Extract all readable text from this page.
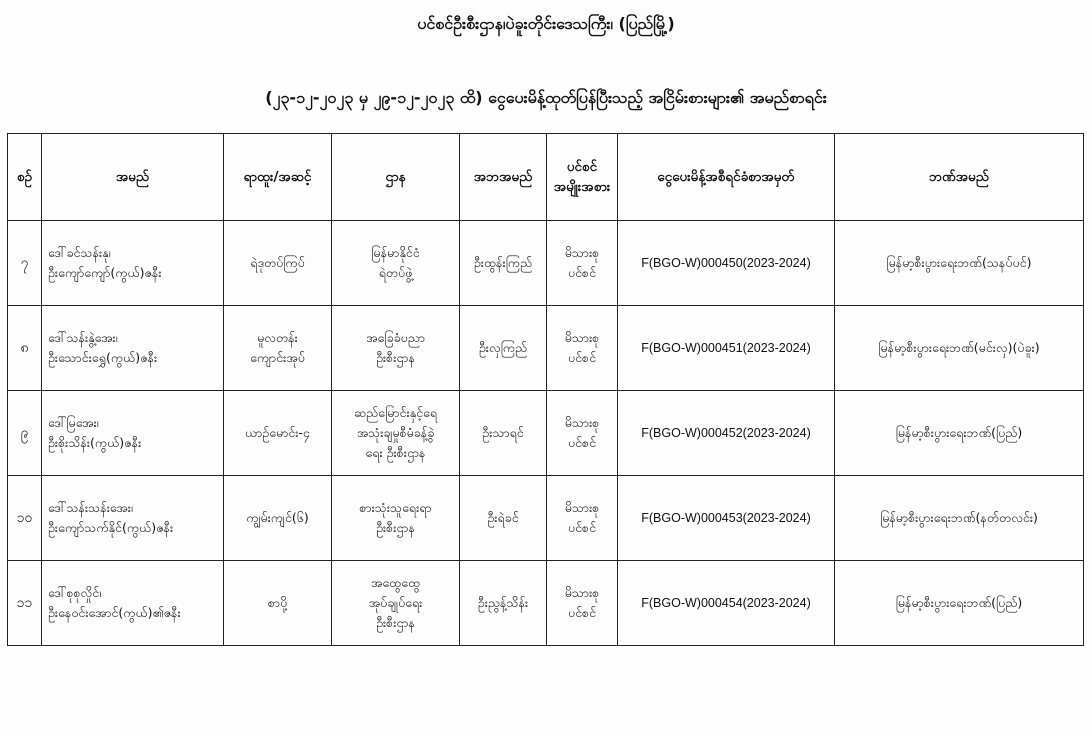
ပင်စင်ဦးစီးဌာန၊ပဲခူးတိုင်းဒေသကြီး၊ (ပြည်မြို့)
(၂၃-၁၂-၂၀၂၃ မှ ၂၉-၁၂-၂၀၂၃ ထိ) ငွေပေးမိန့်ထုတ်ပြန်ပြီးသည့် အငြိမ်းစားများ၏ အမည်စာရင်း
စဉ်	အမည်	ရာထူး/အဆင့်	ဌာန	အဘအမည်	ပင်စင်
အမျိုးအစား	ငွေပေးမိန့်အစီရင်ခံစာအမှတ်	ဘဏ်အမည်

၇	ဒေါ်ခင်သန်းနု၊
ဦးကျော်ကျော်(ကွယ်)ဇနီး	ရဲဒုတပ်ကြပ်	မြန်မာနိုင်ငံ
ရဲတပ်ဖွဲ့	ဦးထွန်းကြည်	မိသားစု
ပင်စင်	F(BGO-W)000450(2023-2024)	မြန်မာ့စီးပွားရေးဘဏ်(သနပ်ပင်)
၈	ဒေါ်သန်းနွဲ့အေး၊
ဦးသောင်းရွှေ(ကွယ်)ဇနီး	မူလတန်း
ကျောင်းအုပ်	အခြေခံပညာ
ဦးစီးဌာန	ဦးလှကြည်	မိသားစု
ပင်စင်	F(BGO-W)000451(2023-2024)	မြန်မာ့စီးပွားရေးဘဏ်(မင်းလှ)(ပဲခူး)
၉	ဒေါ်မြအေး၊
ဦးစိုးသိန်း(ကွယ်)ဇနီး	ယာဉ်မောင်း-၄	ဆည်မြောင်းနှင့်ရေ
အသုံးချမှုစီမံခန့်ခွဲ
ရေး ဦးစီးဌာန	ဦးသာရင်	မိသားစု
ပင်စင်	F(BGO-W)000452(2023-2024)	မြန်မာ့စီးပွားရေးဘဏ်(ပြည်)
၁၀	ဒေါ်သန်းသန်းအေး၊
ဦးကျော်သက်နိုင်(ကွယ်)ဇနီး	ကျွမ်းကျင်(၆)	စားသုံးသူရေးရာ
ဦးစီးဌာန	ဦးရဲခင်	မိသားစု
ပင်စင်	F(BGO-W)000453(2023-2024)	မြန်မာ့စီးပွားရေးဘဏ်(နတ်တလင်း)
၁၁	ဒေါ်စုစုလှိုင်၊
ဦးနေဝင်းအောင်(ကွယ်)၏ဇနီး	စာပို့	အထွေထွေ
အုပ်ချုပ်ရေး
ဦးစီးဌာန	ဦးညွန့်သိန်း	မိသားစု
ပင်စင်	F(BGO-W)000454(2023-2024)	မြန်မာ့စီးပွားရေးဘဏ်(ပြည်)
